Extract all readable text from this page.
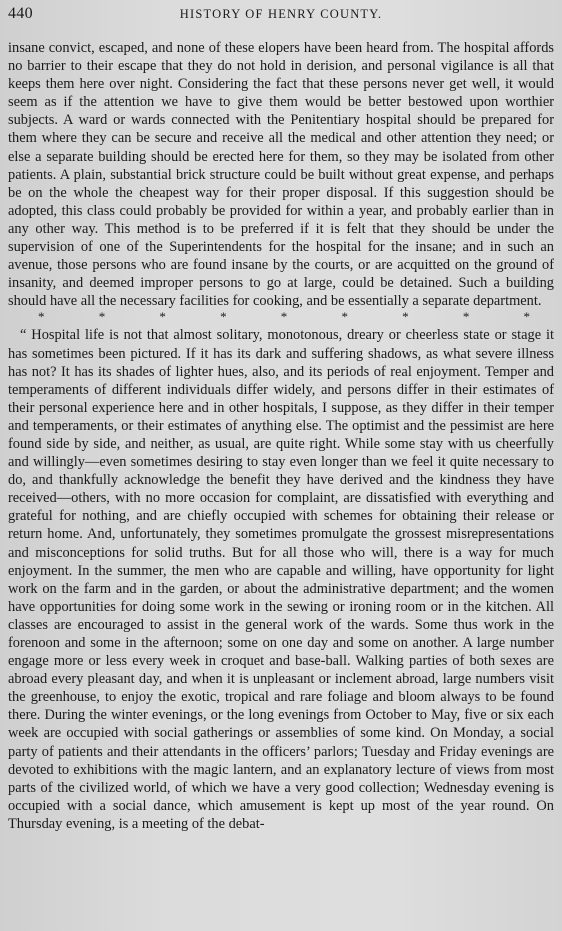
440	HISTORY OF HENRY COUNTY.

insane convict, escaped, and none of these elopers have been heard from. The hospital affords no barrier to their escape that they do not hold in derision, and personal vigilance is all that keeps them here over night. Considering the fact that these persons never get well, it would seem as if the attention we have to give them would be better bestowed upon worthier subjects. A ward or wards connected with the Penitentiary hospital should be prepared for them where they can be secure and receive all the medical and other attention they need; or else a separate building should be erected here for them, so they may be isolated from other patients. A plain, substantial brick structure could be built without great expense, and perhaps be on the whole the cheapest way for their proper disposal. If this suggestion should be adopted, this class could probably be provided for within a year, and probably earlier than in any other way. This method is to be preferred if it is felt that they should be under the supervision of one of the Superintendents for the hospital for the insane; and in such an avenue, those persons who are found insane by the courts, or are acquitted on the ground of insanity, and deemed improper persons to go at large, could be detained. Such a building should have all the necessary facilities for cooking, and be essentially a separate department.

*	*	*	*	*	*	*	*	*

“ Hospital life is not that almost solitary, monotonous, dreary or cheerless state or stage it has sometimes been pictured. If it has its dark and suffering shadows, as what severe illness has not? It has its shades of lighter hues, also, and its periods of real enjoyment. Temper and temperaments of different individuals differ widely, and persons differ in their estimates of their personal experience here and in other hospitals, I suppose, as they differ in their temper and temperaments, or their estimates of anything else. The optimist and the pessimist are here found side by side, and neither, as usual, are quite right. While some stay with us cheerfully and willingly—even sometimes desiring to stay even longer than we feel it quite necessary to do, and thankfully acknowledge the benefit they have derived and the kindness they have received—others, with no more occasion for complaint, are dissatisfied with everything and grateful for nothing, and are chiefly occupied with schemes for obtaining their release or return home. And, unfortunately, they sometimes promulgate the grossest misrepresentations and misconceptions for solid truths. But for all those who will, there is a way for much enjoyment. In the summer, the men who are capable and willing, have opportunity for light work on the farm and in the garden, or about the administrative department; and the women have opportunities for doing some work in the sewing or ironing room or in the kitchen. All classes are encouraged to assist in the general work of the wards. Some thus work in the forenoon and some in the afternoon; some on one day and some on another. A large number engage more or less every week in croquet and base-ball. Walking parties of both sexes are abroad every pleasant day, and when it is unpleasant or inclement abroad, large numbers visit the greenhouse, to enjoy the exotic, tropical and rare foliage and bloom always to be found there. During the winter evenings, or the long evenings from October to May, five or six each week are occupied with social gatherings or assemblies of some kind. On Monday, a social party of patients and their attendants in the officers’ parlors; Tuesday and Friday evenings are devoted to exhibitions with the magic lantern, and an explanatory lecture of views from most parts of the civilized world, of which we have a very good collection; Wednesday evening is occupied with a social dance, which amusement is kept up most of the year round. On Thursday evening, is a meeting of the debat-
